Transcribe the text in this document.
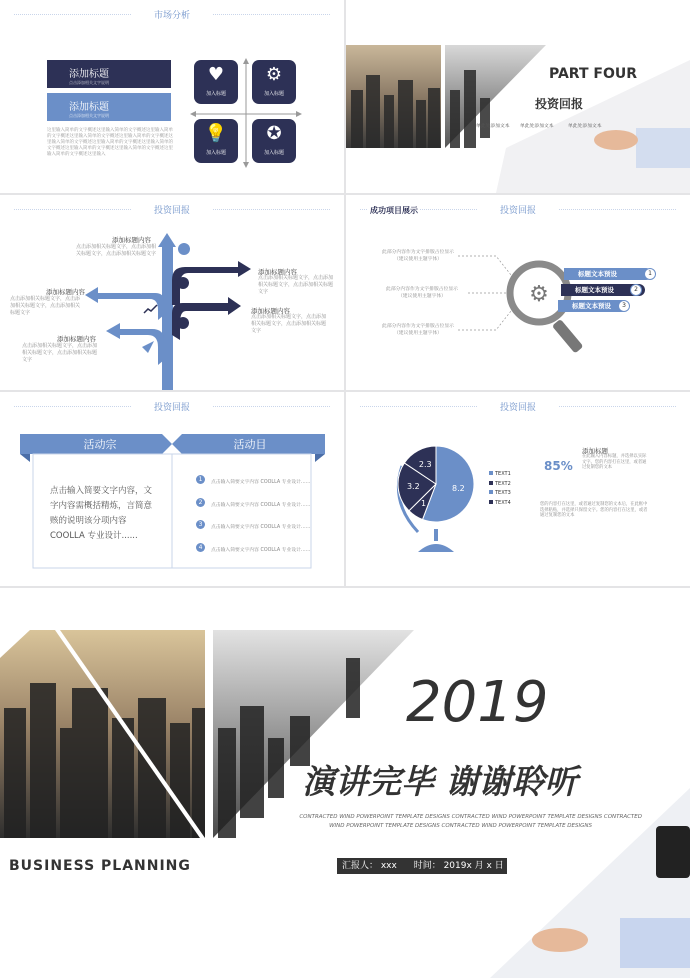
市场分析
添加标题
点击添加相关文字说明
添加标题
点击添加相关文字说明
这里输入简单的文字概述这里输入简单的文字概述这里输入简单的文字概述这里输入简单的文字概述这里输入简单的文字概述这里输入简单的文字概述这里输入简单的文字概述这里输入简单的文字概述这里输入简单的文字概述这里输入简单的文字概述这里输入简单的文字概述这里输入
♥
加入标题
⚙
加入标题
💡
加入标题
✪
加入标题
PART FOUR
投资回报
单此处添加文本 单此处添加文本	单此处添加文本
投资回报
添加标题内容
点击添加相关标题文字，点击添加相关标题文字，点击添加相关标题文字
添加标题内容
点击添加相关标题文字，点击添加相关标题文字，点击添加相关标题文字
添加标题内容
点击添加相关标题文字，点击添加相关标题文字，点击添加相关标题文字	添加标题内容
点击添加相关标题文字，点击添加相关标题文字，点击添加相关标题文字
添加标题内容
点击添加相关标题文字，点击添加相关标题文字，点击添加相关标题文字
投资回报
成功项目展示
此部分内容作为文字排版占位显示
（建议使用主题字体）
此部分内容作为文字排版占位显示
（建议使用主题字体）
此部分内容作为文字排版占位显示
（建议使用主题字体）
⚙
标题文本预设	1
标题文本预设	2
标题文本预设	3
投资回报
活动宗	活动目
点击输入简要文字内容，文字内容需概括精炼，言简意赅的说明该分项内容 COOLLA 专业设计......
1	点击输入简要文字内容 COOLLA 专业设计……
2	点击输入简要文字内容 COOLLA 专业设计……
3	点击输入简要文字内容 COOLLA 专业设计……
4	点击输入简要文字内容 COOLLA 专业设计……
投资回报
8.2
1
3.2
2.3
TEXT1
TEXT2
TEXT3
TEXT4
添加标题
85%
在此输入内容标题，并选择以实际文字。您的内容打在这里，或者通过复制您的文本
您的内容打在这里，或者通过复制您的文本后，在此框中选择粘贴，并选择只保留文字。您的内容打在这里，或者通过复制您的文本
2019
演讲完毕 谢谢聆听
CONTRACTED WIND POWERPOINT TEMPLATE DESIGNS CONTRACTED WIND POWERPOINT TEMPLATE DESIGNS CONTRACTED
WIND POWERPOINT TEMPLATE DESIGNS CONTRACTED WIND POWERPOINT TEMPLATE DESIGNS
BUSINESS PLANNING	汇报人： xxx 时间： 2019x 月 x 日
